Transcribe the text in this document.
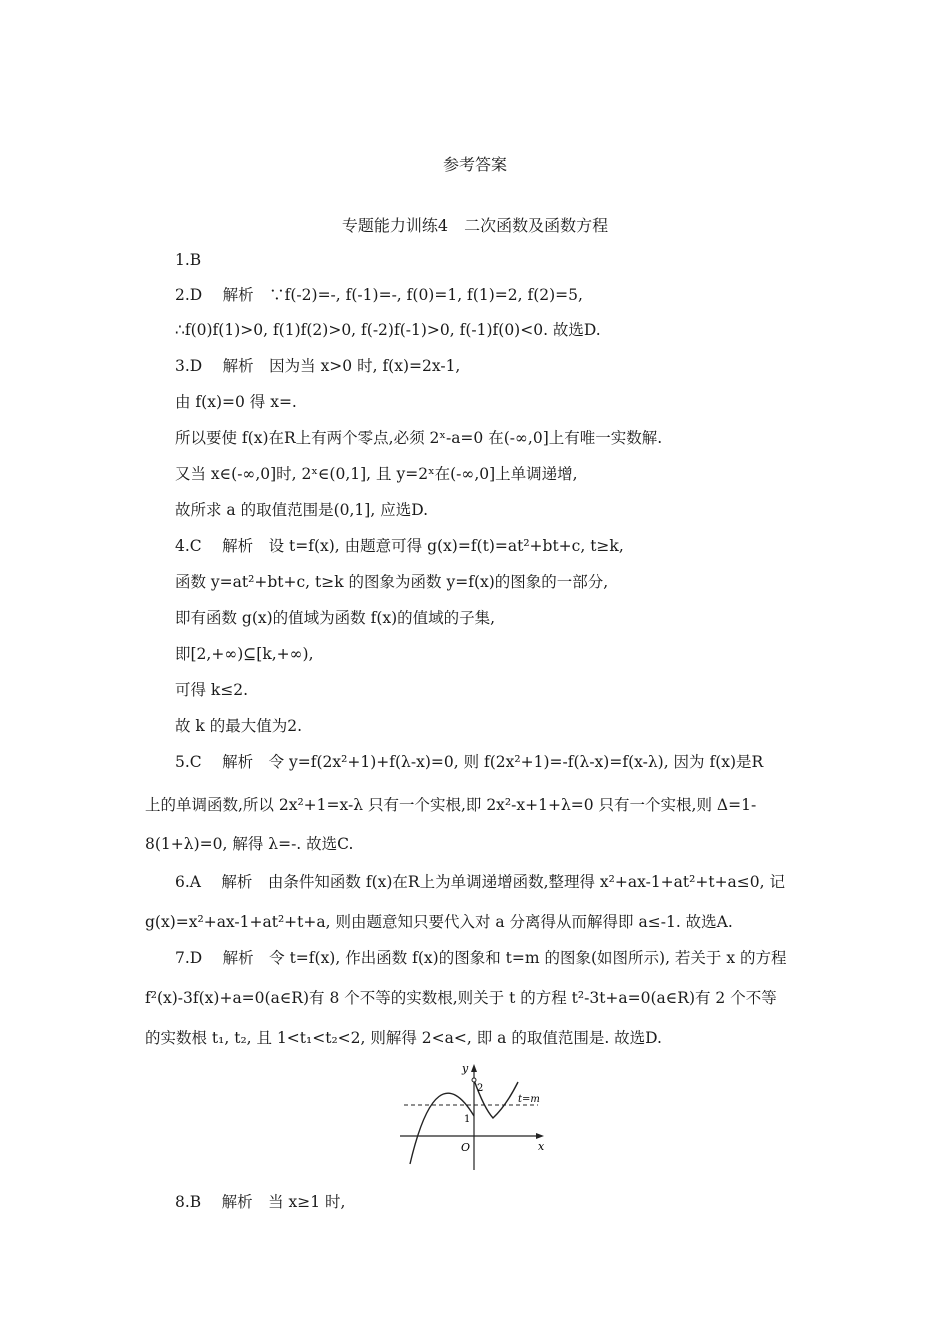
参考答案
专题能力训练4　二次函数及函数方程
1.B
2.D　 解析　∵f(-2)=-, f(-1)=-, f(0)=1, f(1)=2, f(2)=5,
∴f(0)f(1)>0, f(1)f(2)>0, f(-2)f(-1)>0, f(-1)f(0)<0. 故选D.
3.D　 解析　因为当 x>0 时, f(x)=2x-1,
由 f(x)=0 得 x=.
所以要使 f(x)在R上有两个零点,必须 2ˣ-a=0 在(-∞,0]上有唯一实数解.
又当 x∈(-∞,0]时, 2ˣ∈(0,1], 且 y=2ˣ在(-∞,0]上单调递增,
故所求 a 的取值范围是(0,1], 应选D.
4.C　 解析　设 t=f(x), 由题意可得 g(x)=f(t)=at²+bt+c, t≥k,
函数 y=at²+bt+c, t≥k 的图象为函数 y=f(x)的图象的一部分,
即有函数 g(x)的值域为函数 f(x)的值域的子集,
即[2,+∞)⊆[k,+∞),
可得 k≤2.
故 k 的最大值为2.
5.C　 解析　令 y=f(2x²+1)+f(λ-x)=0, 则 f(2x²+1)=-f(λ-x)=f(x-λ), 因为 f(x)是R
上的单调函数,所以 2x²+1=x-λ 只有一个实根,即 2x²-x+1+λ=0 只有一个实根,则 Δ=1-
8(1+λ)=0, 解得 λ=-. 故选C.
6.A　 解析　由条件知函数 f(x)在R上为单调递增函数,整理得 x²+ax-1+at²+t+a≤0, 记
g(x)=x²+ax-1+at²+t+a, 则由题意知只要代入对 a 分离得从而解得即 a≤-1. 故选A.
7.D　 解析　令 t=f(x), 作出函数 f(x)的图象和 t=m 的图象(如图所示), 若关于 x 的方程
f²(x)-3f(x)+a=0(a∈R)有 8 个不等的实数根,则关于 t 的方程 t²-3t+a=0(a∈R)有 2 个不等
的实数根 t₁, t₂, 且 1<t₁<t₂<2, 则解得 2<a<, 即 a 的取值范围是. 故选D.
y
x
O
2
1
t=m
8.B　 解析　当 x≥1 时,
